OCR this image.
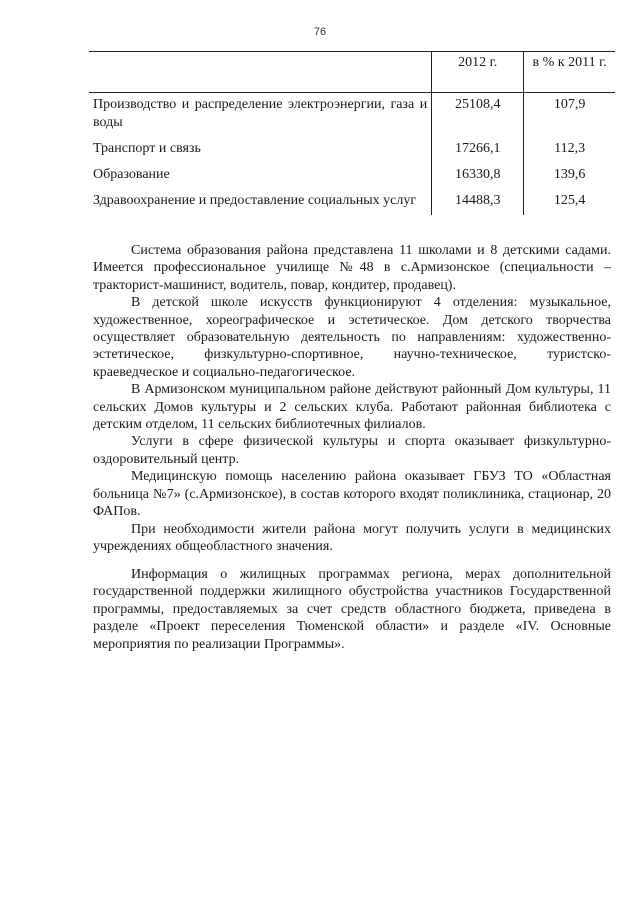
76
	2012 г.	в % к 2011 г.
Производство и распределение электроэнергии, газа и воды	25108,4	107,9
Транспорт и связь	17266,1	112,3
Образование	16330,8	139,6
Здравоохранение и предоставление социальных услуг	14488,3	125,4

Система образования района представлена 11 школами и 8 детскими садами. Имеется профессиональное училище №48 в с.Армизонское (специальности – тракторист-машинист, водитель, повар, кондитер, продавец).

В детской школе искусств функционируют 4 отделения: музыкальное, художественное, хореографическое и эстетическое. Дом детского творчества осуществляет образовательную деятельность по направлениям: художественно-эстетическое, физкультурно-спортивное, научно-техническое, туристско-краеведческое и социально-педагогическое.

В Армизонском муниципальном районе действуют районный Дом культуры, 11 сельских Домов культуры и 2 сельских клуба. Работают районная библиотека с детским отделом, 11 сельских библиотечных филиалов.

Услуги в сфере физической культуры и спорта оказывает физкультурно-оздоровительный центр.

Медицинскую помощь населению района оказывает ГБУЗ ТО «Областная больница №7» (с.Армизонское), в состав которого входят поликлиника, стационар, 20 ФАПов.

При необходимости жители района могут получить услуги в медицинских учреждениях общеобластного значения.

Информация о жилищных программах региона, мерах дополнительной государственной поддержки жилищного обустройства участников Государственной программы, предоставляемых за счет средств областного бюджета, приведена в разделе «Проект переселения Тюменской области» и разделе «IV. Основные мероприятия по реализации Программы».
